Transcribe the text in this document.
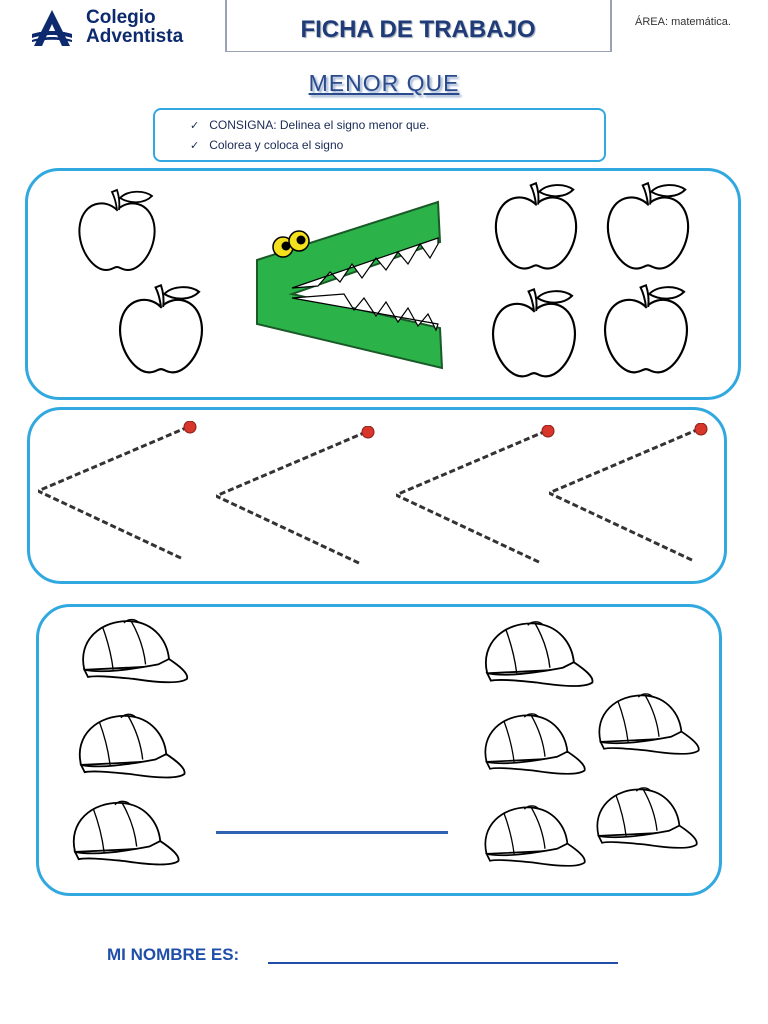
Colegio
Adventista	FICHA DE TRABAJO	ÁREA: matemática.
MENOR QUE
✓ CONSIGNA: Delinea el signo menor que.
✓ Colorea y coloca el signo
MI NOMBRE ES:
